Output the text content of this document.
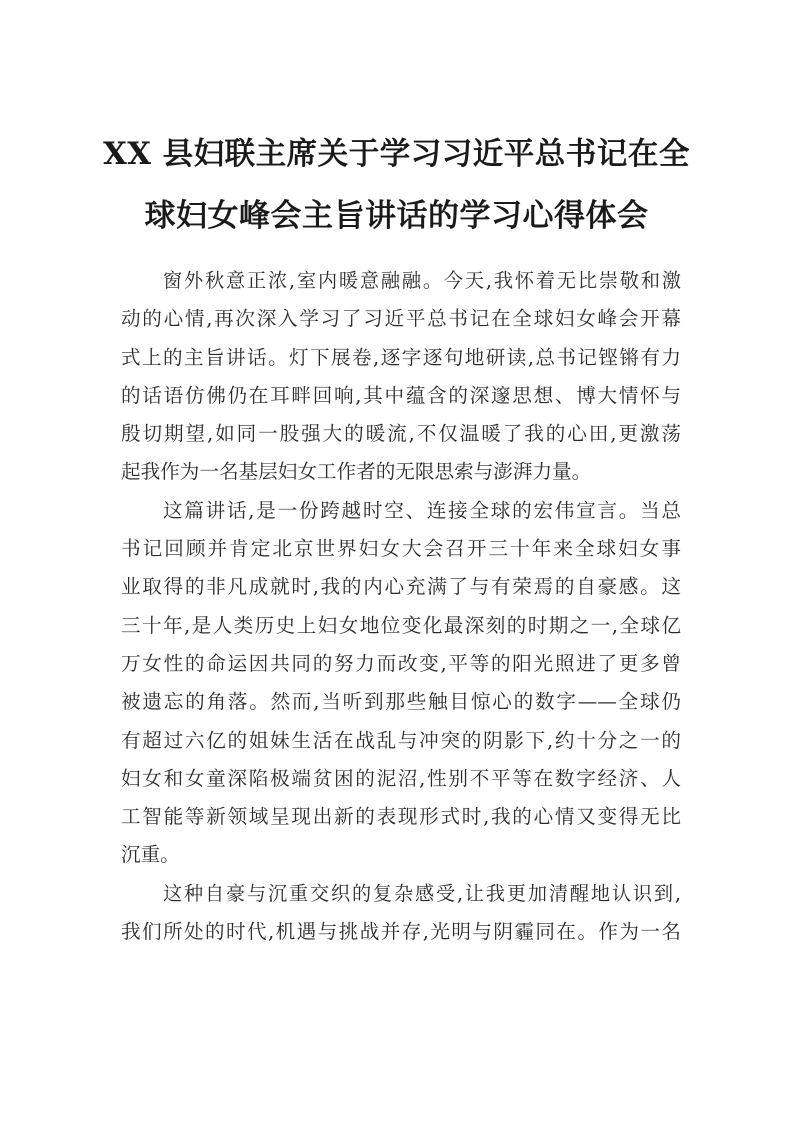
XX 县妇联主席关于学习习近平总书记在全
球妇女峰会主旨讲话的学习心得体会
窗外秋意正浓,室内暖意融融。今天,我怀着无比崇敬和激
动的心情,再次深入学习了习近平总书记在全球妇女峰会开幕
式上的主旨讲话。灯下展卷,逐字逐句地研读,总书记铿锵有力
的话语仿佛仍在耳畔回响,其中蕴含的深邃思想、博大情怀与
殷切期望,如同一股强大的暖流,不仅温暖了我的心田,更激荡
起我作为一名基层妇女工作者的无限思索与澎湃力量。
这篇讲话,是一份跨越时空、连接全球的宏伟宣言。当总
书记回顾并肯定北京世界妇女大会召开三十年来全球妇女事
业取得的非凡成就时,我的内心充满了与有荣焉的自豪感。这
三十年,是人类历史上妇女地位变化最深刻的时期之一,全球亿
万女性的命运因共同的努力而改变,平等的阳光照进了更多曾
被遗忘的角落。然而,当听到那些触目惊心的数字——全球仍
有超过六亿的姐妹生活在战乱与冲突的阴影下,约十分之一的
妇女和女童深陷极端贫困的泥沼,性别不平等在数字经济、人
工智能等新领域呈现出新的表现形式时,我的心情又变得无比
沉重。
这种自豪与沉重交织的复杂感受,让我更加清醒地认识到,
我们所处的时代,机遇与挑战并存,光明与阴霾同在。作为一名
